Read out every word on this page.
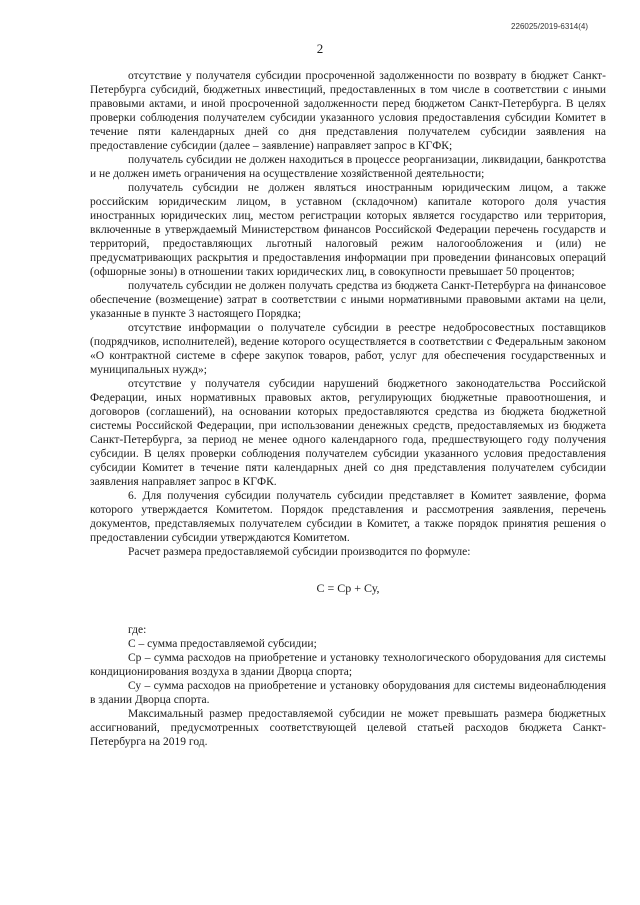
226025/2019-6314(4)
2

отсутствие у получателя субсидии просроченной задолженности по возврату в бюджет Санкт-Петербурга субсидий, бюджетных инвестиций, предоставленных в том числе в соответствии с иными правовыми актами, и иной просроченной задолженности перед бюджетом Санкт-Петербурга. В целях проверки соблюдения получателем субсидии указанного условия предоставления субсидии Комитет в течение пяти календарных дней со дня представления получателем субсидии заявления на предоставление субсидии (далее – заявление) направляет запрос в КГФК;

получатель субсидии не должен находиться в процессе реорганизации, ликвидации, банкротства и не должен иметь ограничения на осуществление хозяйственной деятельности;

получатель субсидии не должен являться иностранным юридическим лицом, а также российским юридическим лицом, в уставном (складочном) капитале которого доля участия иностранных юридических лиц, местом регистрации которых является государство или территория, включенные в утверждаемый Министерством финансов Российской Федерации перечень государств и территорий, предоставляющих льготный налоговый режим налогообложения и (или) не предусматривающих раскрытия и предоставления информации при проведении финансовых операций (офшорные зоны) в отношении таких юридических лиц, в совокупности превышает 50 процентов;

получатель субсидии не должен получать средства из бюджета Санкт-Петербурга на финансовое обеспечение (возмещение) затрат в соответствии с иными нормативными правовыми актами на цели, указанные в пункте 3 настоящего Порядка;

отсутствие информации о получателе субсидии в реестре недобросовестных поставщиков (подрядчиков, исполнителей), ведение которого осуществляется в соответствии с Федеральным законом «О контрактной системе в сфере закупок товаров, работ, услуг для обеспечения государственных и муниципальных нужд»;

отсутствие у получателя субсидии нарушений бюджетного законодательства Российской Федерации, иных нормативных правовых актов, регулирующих бюджетные правоотношения, и договоров (соглашений), на основании которых предоставляются средства из бюджета бюджетной системы Российской Федерации, при использовании денежных средств, предоставляемых из бюджета Санкт-Петербурга, за период не менее одного календарного года, предшествующего году получения субсидии. В целях проверки соблюдения получателем субсидии указанного условия предоставления субсидии Комитет в течение пяти календарных дней со дня представления получателем субсидии заявления направляет запрос в КГФК.

6. Для получения субсидии получатель субсидии представляет в Комитет заявление, форма которого утверждается Комитетом. Порядок представления и рассмотрения заявления, перечень документов, представляемых получателем субсидии в Комитет, а также порядок принятия решения о предоставлении субсидии утверждаются Комитетом.

Расчет размера предоставляемой субсидии производится по формуле:

С = Ср + Су,

где:

С – сумма предоставляемой субсидии;

Ср – сумма расходов на приобретение и установку технологического оборудования для системы кондиционирования воздуха в здании Дворца спорта;

Су – сумма расходов на приобретение и установку оборудования для системы видеонаблюдения в здании Дворца спорта.

Максимальный размер предоставляемой субсидии не может превышать размера бюджетных ассигнований, предусмотренных соответствующей целевой статьей расходов бюджета Санкт-Петербурга на 2019 год.
